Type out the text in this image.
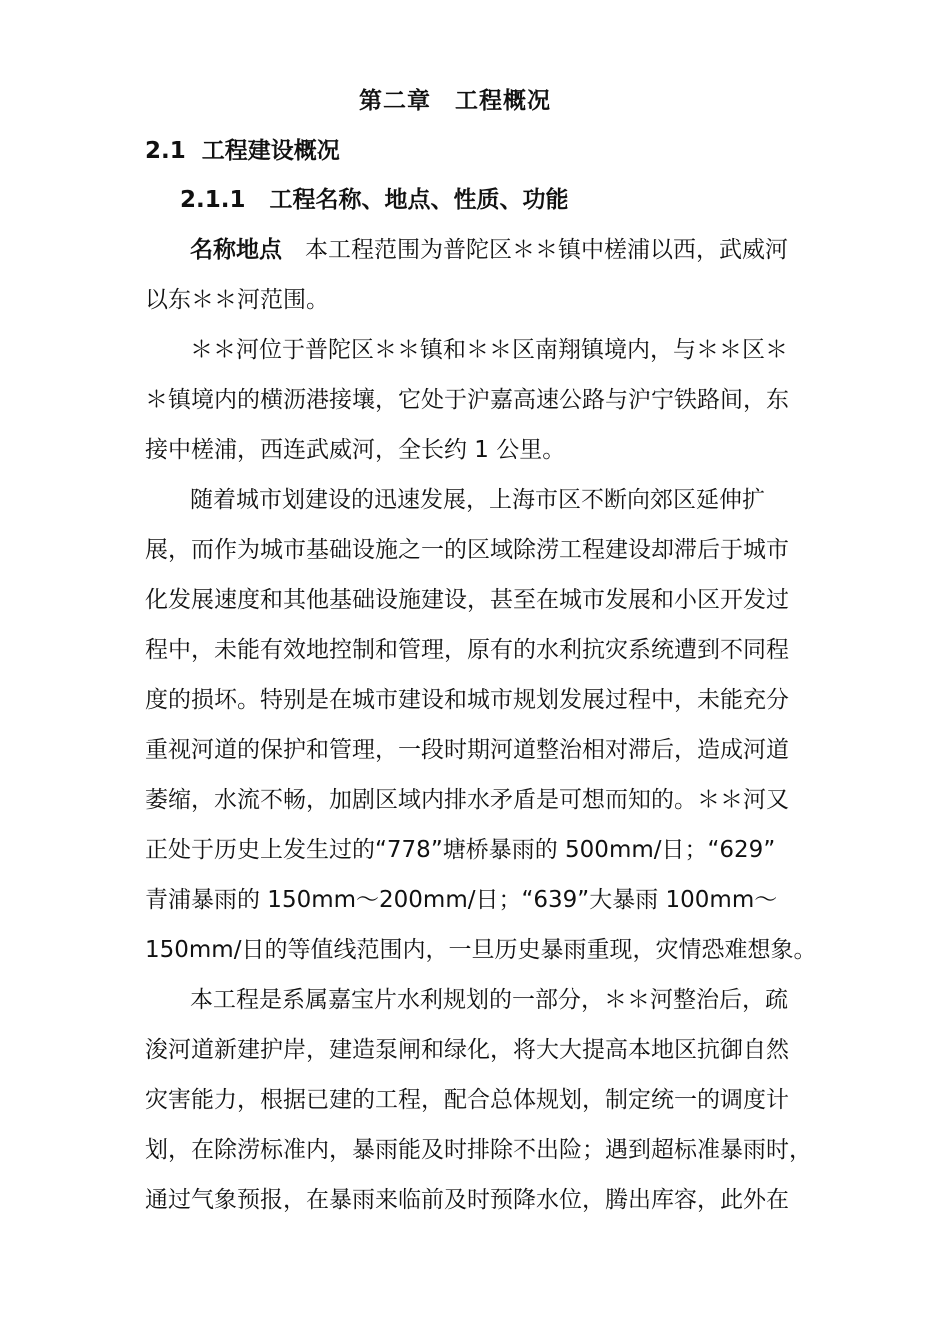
第二章　工程概况
2.1 工程建设概况
2.1.1 工程名称、地点、性质、功能
名称地点　本工程范围为普陀区＊＊镇中槎浦以西，武威河
以东＊＊河范围。
＊＊河位于普陀区＊＊镇和＊＊区南翔镇境内，与＊＊区＊
＊镇境内的横沥港接壤，它处于沪嘉高速公路与沪宁铁路间，东
接中槎浦，西连武威河，全长约 1 公里。
随着城市划建设的迅速发展，上海市区不断向郊区延伸扩
展，而作为城市基础设施之一的区域除涝工程建设却滞后于城市
化发展速度和其他基础设施建设，甚至在城市发展和小区开发过
程中，未能有效地控制和管理，原有的水利抗灾系统遭到不同程
度的损坏。特别是在城市建设和城市规划发展过程中，未能充分
重视河道的保护和管理，一段时期河道整治相对滞后，造成河道
萎缩，水流不畅，加剧区域内排水矛盾是可想而知的。＊＊河又
正处于历史上发生过的“778”塘桥暴雨的 500mm/日；“629”
青浦暴雨的 150mm～200mm/日；“639”大暴雨 100mm～
150mm/日的等值线范围内，一旦历史暴雨重现，灾情恐难想象。
本工程是系属嘉宝片水利规划的一部分，＊＊河整治后，疏
浚河道新建护岸，建造泵闸和绿化，将大大提高本地区抗御自然
灾害能力，根据已建的工程，配合总体规划，制定统一的调度计
划，在除涝标准内，暴雨能及时排除不出险；遇到超标准暴雨时，
通过气象预报，在暴雨来临前及时预降水位，腾出库容，此外在
